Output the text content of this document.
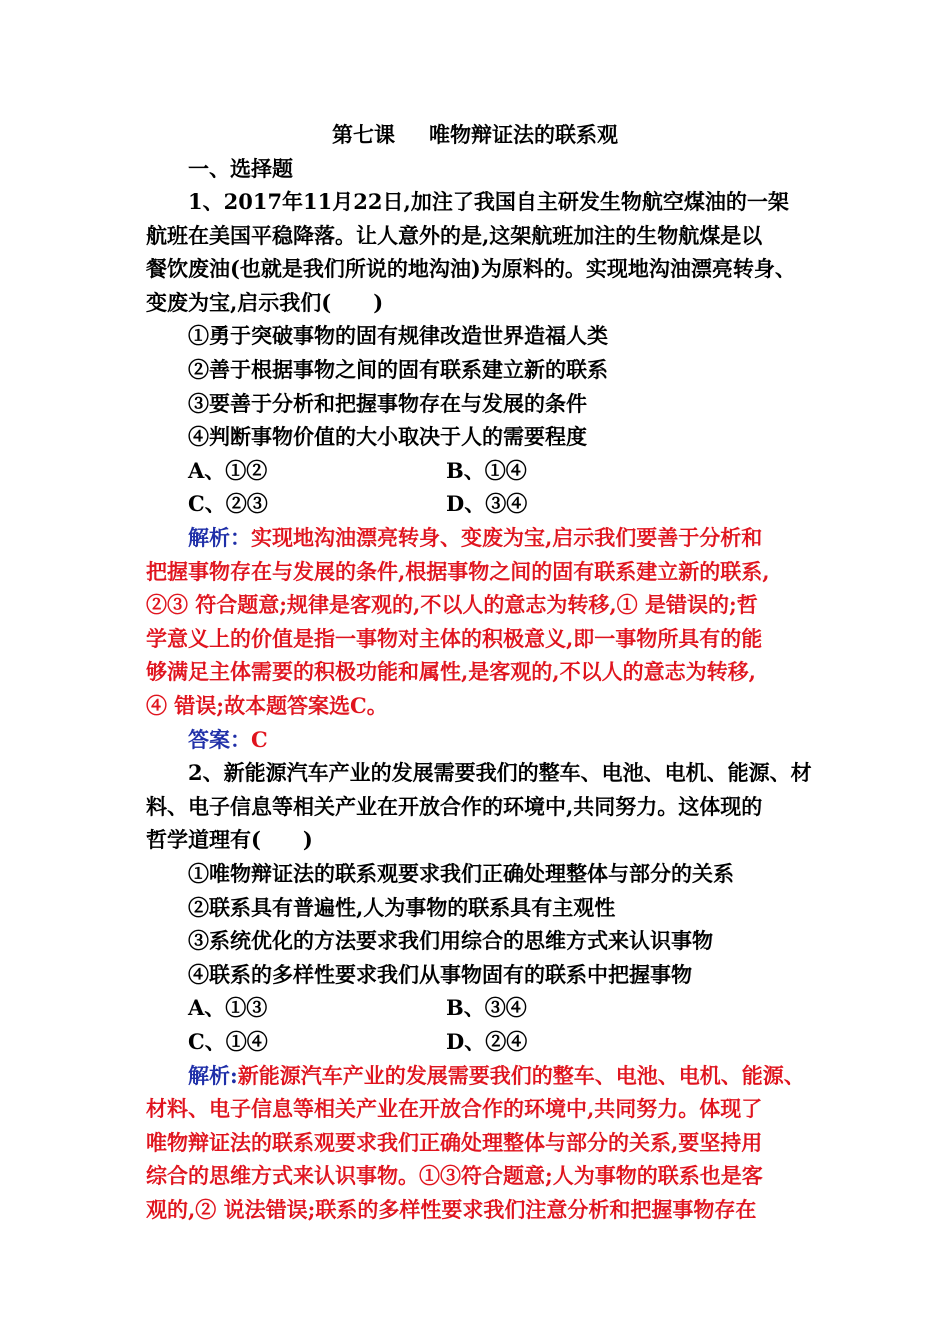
第七课 唯物辩证法的联系观
一、选择题
1、2017年11月22日,加注了我国自主研发生物航空煤油的一架
航班在美国平稳降落。让人意外的是,这架航班加注的生物航煤是以
餐饮废油(也就是我们所说的地沟油)为原料的。实现地沟油漂亮转身、
变废为宝,启示我们(　　)
①勇于突破事物的固有规律改造世界造福人类
②善于根据事物之间的固有联系建立新的联系
③要善于分析和把握事物存在与发展的条件
④判断事物价值的大小取决于人的需要程度
A、①②	B、①④
C、②③	D、③④
解析：实现地沟油漂亮转身、变废为宝,启示我们要善于分析和
把握事物存在与发展的条件,根据事物之间的固有联系建立新的联系,
②③ 符合题意;规律是客观的,不以人的意志为转移,① 是错误的;哲
学意义上的价值是指一事物对主体的积极意义,即一事物所具有的能
够满足主体需要的积极功能和属性,是客观的,不以人的意志为转移,
④ 错误;故本题答案选C。
答案：C
2、新能源汽车产业的发展需要我们的整车、电池、电机、能源、材
料、电子信息等相关产业在开放合作的环境中,共同努力。这体现的
哲学道理有(　　)
①唯物辩证法的联系观要求我们正确处理整体与部分的关系
②联系具有普遍性,人为事物的联系具有主观性
③系统优化的方法要求我们用综合的思维方式来认识事物
④联系的多样性要求我们从事物固有的联系中把握事物
A、①③	B、③④
C、①④	D、②④
解析:新能源汽车产业的发展需要我们的整车、电池、电机、能源、
材料、电子信息等相关产业在开放合作的环境中,共同努力。体现了
唯物辩证法的联系观要求我们正确处理整体与部分的关系,要坚持用
综合的思维方式来认识事物。①③符合题意;人为事物的联系也是客
观的,② 说法错误;联系的多样性要求我们注意分析和把握事物存在
